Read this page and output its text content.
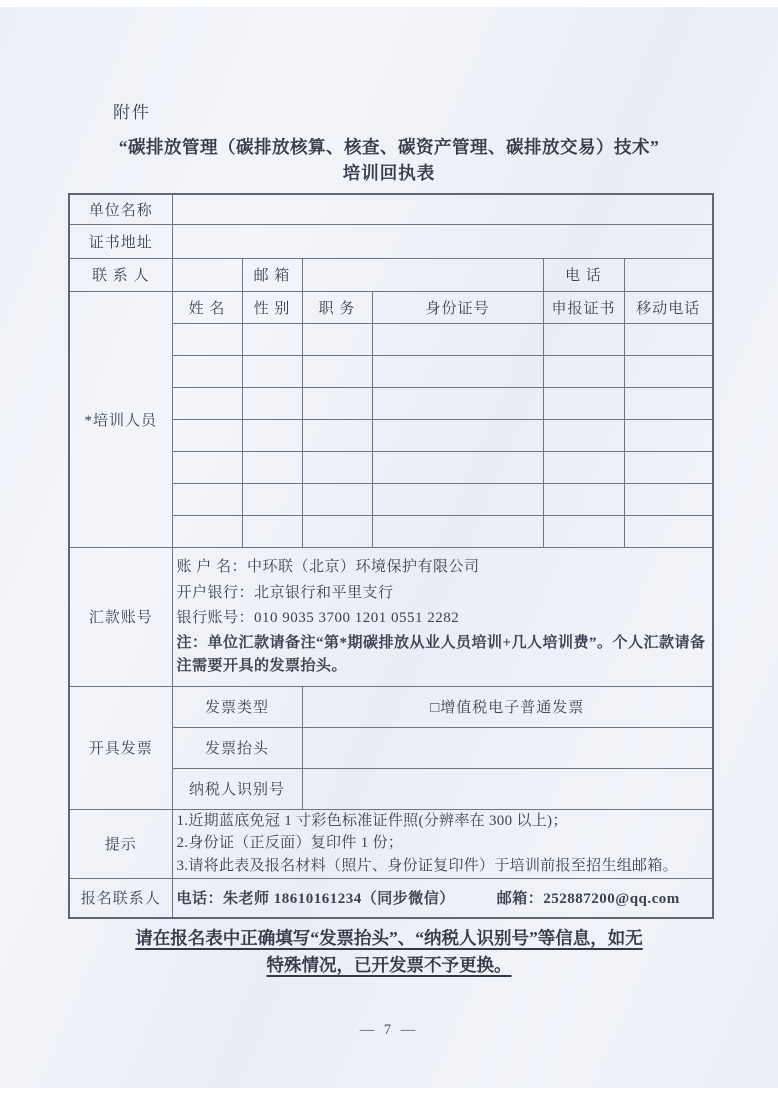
附件
“碳排放管理（碳排放核算、核查、碳资产管理、碳排放交易）技术”
培训回执表
单位名称						
证书地址						
联 系 人		邮 箱			电 话	
*培训人员	姓 名	性 别	职 务	身份证号	申报证书	移动电话

汇款账号	账 户 名：中环联（北京）环境保护有限公司
开户银行：北京银行和平里支行
银行账号：010 9035 3700 1201 0551 2282
注：单位汇款请备注“第*期碳排放从业人员培训+几人培训费”。个人汇款请备注需要开具的发票抬头。					

开具发票	发票类型		□增值税电子普通发票			
	发票抬头					
	纳税人识别号					
提示	1.近期蓝底免冠 1 寸彩色标准证件照(分辨率在 300 以上)；
2.身份证（正反面）复印件 1 份；
3.请将此表及报名材料（照片、身份证复印件）于培训前报至招生组邮箱。					

报名联系人	电话：朱老师 18610161234（同步微信） 邮箱：252887200@qq.com					
请在报名表中正确填写“发票抬头”、“纳税人识别号”等信息，如无
特殊情况，已开发票不予更换。
— 7 —
